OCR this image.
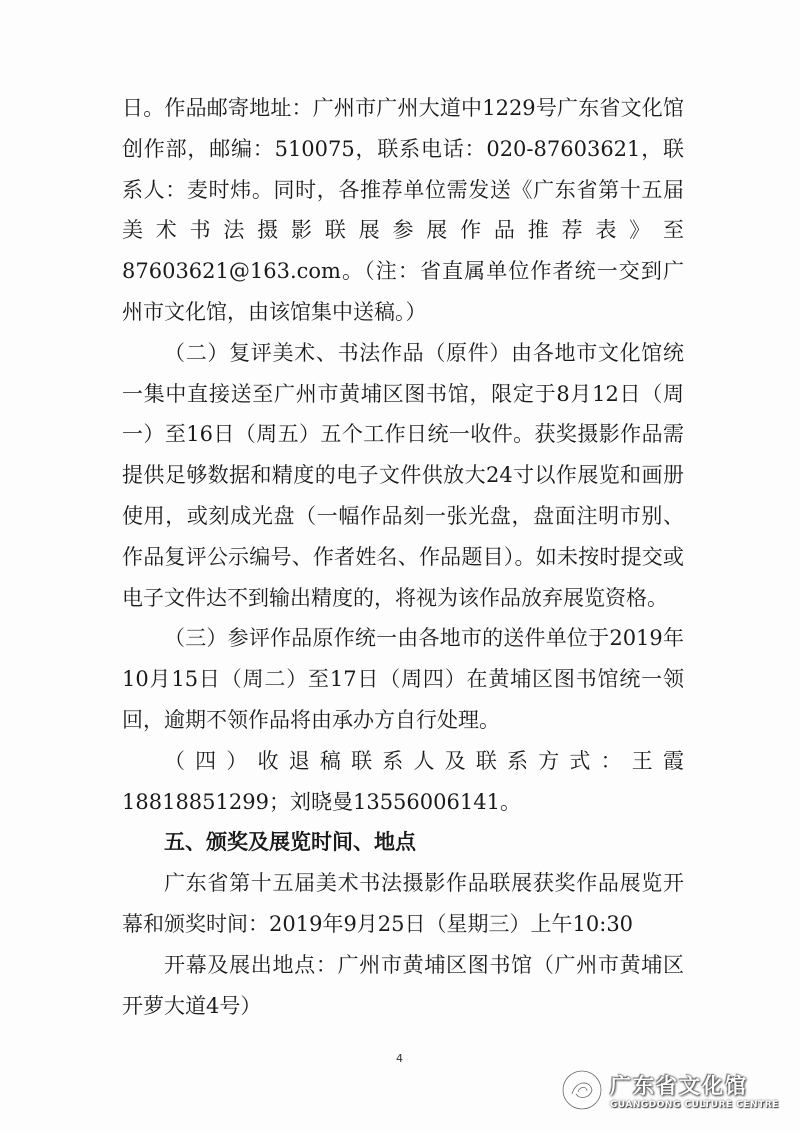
日。作品邮寄地址：广州市广州大道中1229号广东省文化馆创作部，邮编：510075，联系电话：020-87603621，联系人：麦时炜。同时，各推荐单位需发送《广东省第十五届美术书法摄影联展参展作品推荐表》至87603621@163.com。（注：省直属单位作者统一交到广州市文化馆，由该馆集中送稿。）

（二）复评美术、书法作品（原件）由各地市文化馆统一集中直接送至广州市黄埔区图书馆，限定于8月12日（周一）至16日（周五）五个工作日统一收件。获奖摄影作品需提供足够数据和精度的电子文件供放大24寸以作展览和画册使用，或刻成光盘（一幅作品刻一张光盘，盘面注明市别、作品复评公示编号、作者姓名、作品题目）。如未按时提交或电子文件达不到输出精度的，将视为该作品放弃展览资格。

（三）参评作品原作统一由各地市的送件单位于2019年10月15日（周二）至17日（周四）在黄埔区图书馆统一领回，逾期不领作品将由承办方自行处理。

（四）收退稿联系人及联系方式：王霞18818851299；刘晓曼13556006141。

五、颁奖及展览时间、地点

广东省第十五届美术书法摄影作品联展获奖作品展览开幕和颁奖时间：2019年9月25日（星期三）上午10:30

开幕及展出地点：广州市黄埔区图书馆（广州市黄埔区开萝大道4号）

4
广东省文化馆
GUANGDONG CULTURE CENTRE
